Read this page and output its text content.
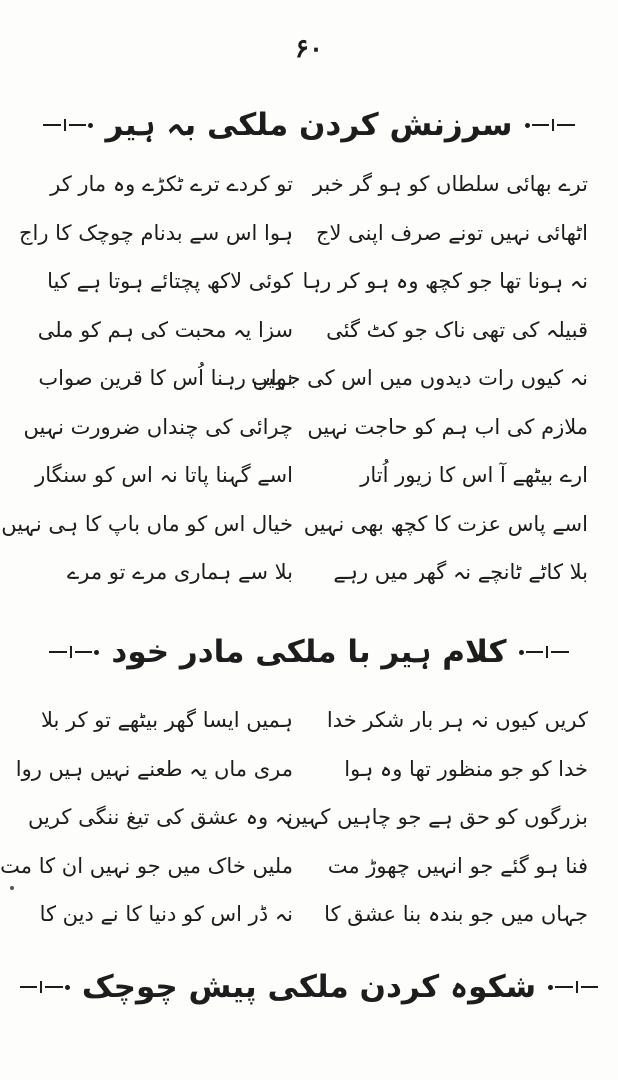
۶۰
سرزنش کردن ملکی بہ ہیر
ترے بھائی سلطاں کو ہو گر خبر
تو کردے ترے ٹکڑے وہ مار کر
اٹھائی نہیں تونے صرف اپنی لاج
ہوا اس سے بدنام چوچک کا راج
نہ ہونا تھا جو کچھ وہ ہو کر رہا
کوئی لاکھ پچتائے ہوتا ہے کیا
قبیلہ کی تھی ناک جو کٹ گئی
سزا یہ محبت کی ہم کو ملی
نہ کیوں رات دیدوں میں اس کی جواب
نہیں رہنا اُس کا قرین صواب
ملازم کی اب ہم کو حاجت نہیں
چرائی کی چنداں ضرورت نہیں
ارے بیٹھے آ اس کا زیور اُتار
اسے گہنا پاتا نہ اس کو سنگار
اسے پاس عزت کا کچھ بھی نہیں
خیال اس کو ماں باپ کا ہی نہیں
بلا کاٹے ٹانچے نہ گھر میں رہے
بلا سے ہماری مرے تو مرے
کلام ہیر با ملکی مادر خود
کریں کیوں نہ ہر بار شکر خدا
ہمیں ایسا گھر بیٹھے تو کر بلا
خدا کو جو منظور تھا وہ ہوا
مری ماں یہ طعنے نہیں ہیں روا
بزرگوں کو حق ہے جو چاہیں کہیں
نہ وہ عشق کی تیغ ننگی کریں
فنا ہو گئے جو انہیں چھوڑ مت
ملیں خاک میں جو نہیں ان کا مت
جہاں میں جو بندہ بنا عشق کا
نہ ڈر اس کو دنیا کا نے دین کا
شکوہ کردن ملکی پیش چوچک
